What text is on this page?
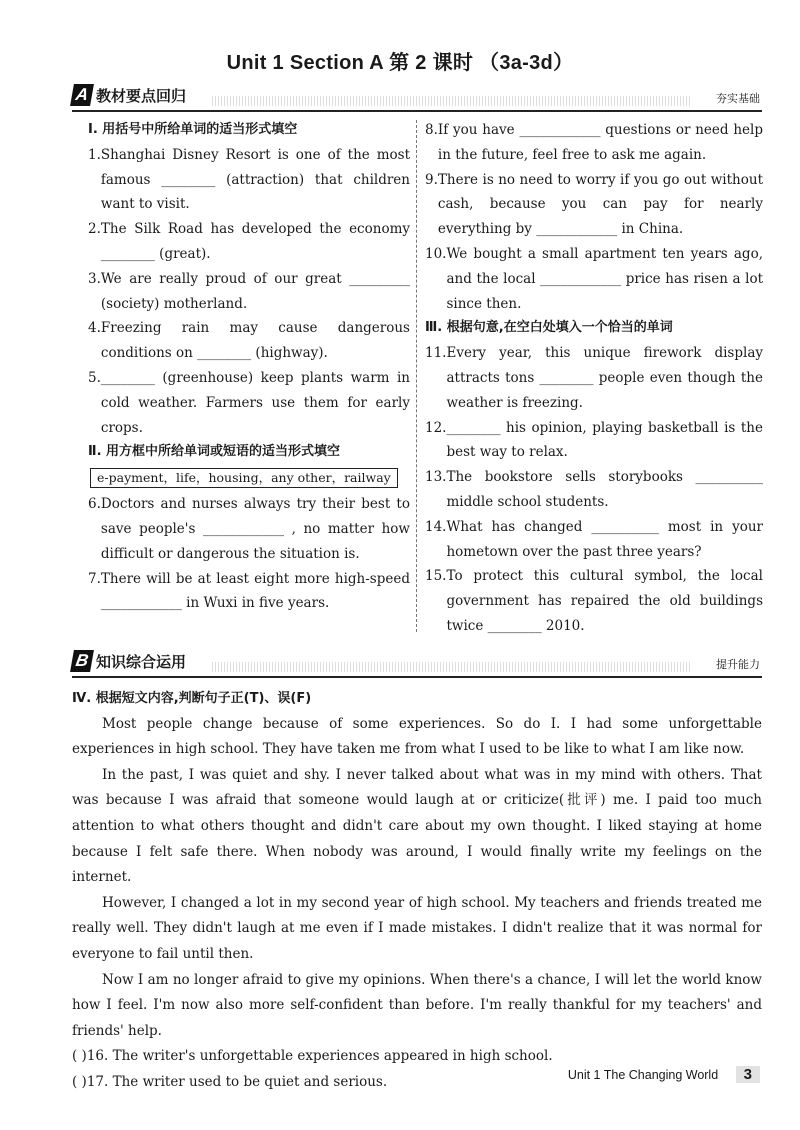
Unit 1 Section A 第 2 课时 （3a-3d）
A 教材要点回归	夯实基础
Ⅰ. 用括号中所给单词的适当形式填空
1. Shanghai Disney Resort is one of the most famous ________ (attraction) that children want to visit.
2. The Silk Road has developed the economy ________ (great).
3. We are really proud of our great _________ (society) motherland.
4. Freezing rain may cause dangerous conditions on ________ (highway).
5. ________ (greenhouse) keep plants warm in cold weather. Farmers use them for early crops.
Ⅱ. 用方框中所给单词或短语的适当形式填空
e-payment，life，housing，any other，railway
6. Doctors and nurses always try their best to save people's ____________ , no matter how difficult or dangerous the situation is.
7. There will be at least eight more high-speed ____________ in Wuxi in five years.
8. If you have ____________ questions or need help in the future, feel free to ask me again.
9. There is no need to worry if you go out without cash, because you can pay for nearly everything by ____________ in China.
10. We bought a small apartment ten years ago, and the local ____________ price has risen a lot since then.
Ⅲ. 根据句意,在空白处填入一个恰当的单词
11. Every year, this unique firework display attracts tons ________ people even though the weather is freezing.
12. ________ his opinion, playing basketball is the best way to relax.
13. The bookstore sells storybooks __________ middle school students.
14. What has changed __________ most in your hometown over the past three years?
15. To protect this cultural symbol, the local government has repaired the old buildings twice ________ 2010.
B 知识综合运用	提升能力
Ⅳ. 根据短文内容,判断句子正(T)、误(F)

Most people change because of some experiences. So do I. I had some unforgettable experiences in high school. They have taken me from what I used to be like to what I am like now.

In the past, I was quiet and shy. I never talked about what was in my mind with others. That was because I was afraid that someone would laugh at or criticize(批评) me. I paid too much attention to what others thought and didn't care about my own thought. I liked staying at home because I felt safe there. When nobody was around, I would finally write my feelings on the internet.

However, I changed a lot in my second year of high school. My teachers and friends treated me really well. They didn't laugh at me even if I made mistakes. I didn't realize that it was normal for everyone to fail until then.

Now I am no longer afraid to give my opinions. When there's a chance, I will let the world know how I feel. I'm now also more self-confident than before. I'm really thankful for my teachers' and friends' help.

( )16. The writer's unforgettable experiences appeared in high school.

( )17. The writer used to be quiet and serious.	Unit 1 The Changing World 3
